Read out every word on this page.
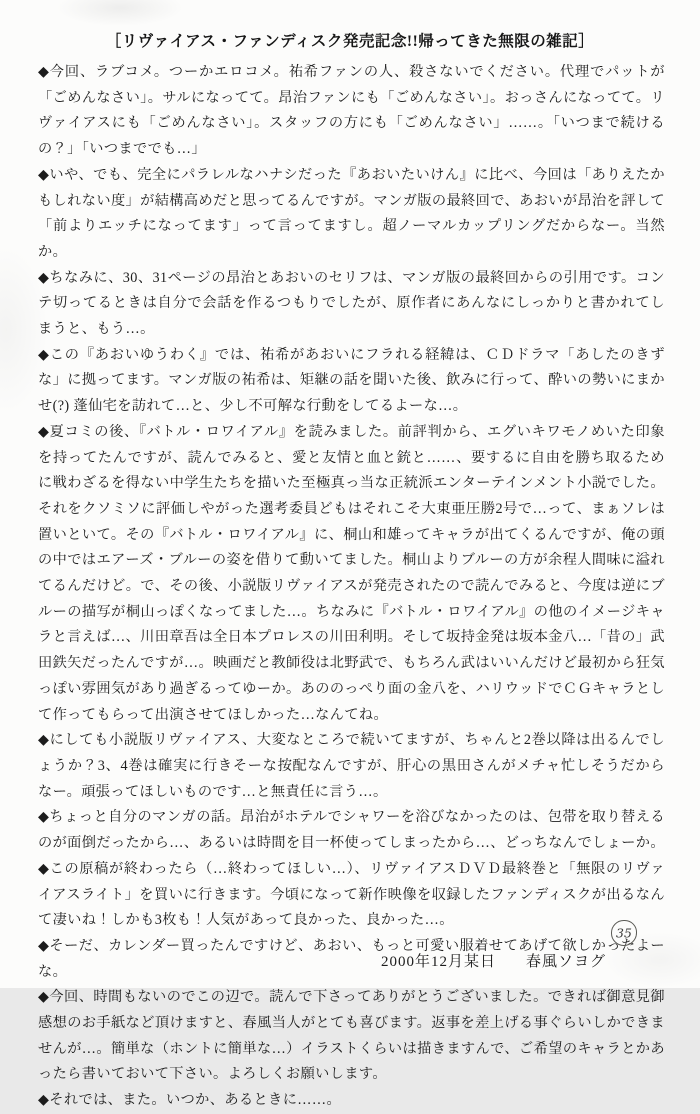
［リヴァイアス・ファンディスク発売記念!!帰ってきた無限の雑記］

◆今回、ラブコメ。つーかエロコメ。祐希ファンの人、殺さないでください。代理でパットが「ごめんなさい」。サルになってて。昂治ファンにも「ごめんなさい」。おっさんになってて。リヴァイアスにも「ごめんなさい」。スタッフの方にも「ごめんなさい」……。「いつまで続けるの？」「いつまででも…」

◆いや、でも、完全にパラレルなハナシだった『あおいたいけん』に比べ、今回は「ありえたかもしれない度」が結構高めだと思ってるんですが。マンガ版の最終回で、あおいが昂治を評して「前よりエッチになってます」って言ってますし。超ノーマルカップリングだからなー。当然か。

◆ちなみに、30、31ページの昂治とあおいのセリフは、マンガ版の最終回からの引用です。コンテ切ってるときは自分で会話を作るつもりでしたが、原作者にあんなにしっかりと書かれてしまうと、もう…。

◆この『あおいゆうわく』では、祐希があおいにフラれる経緯は、ＣＤドラマ「あしたのきずな」に拠ってます。マンガ版の祐希は、矩継の話を聞いた後、飲みに行って、酔いの勢いにまかせ(?) 蓬仙宅を訪れて…と、少し不可解な行動をしてるよーな…。

◆夏コミの後、『バトル・ロワイアル』を読みました。前評判から、エグいキワモノめいた印象を持ってたんですが、読んでみると、愛と友情と血と銃と……、要するに自由を勝ち取るために戦わざるを得ない中学生たちを描いた至極真っ当な正統派エンターテインメント小説でした。それをクソミソに評価しやがった選考委員どもはそれこそ大東亜圧勝2号で…って、まぁソレは置いといて。その『バトル・ロワイアル』に、桐山和雄ってキャラが出てくるんですが、俺の頭の中ではエアーズ・ブルーの姿を借りて動いてました。桐山よりブルーの方が余程人間味に溢れてるんだけど。で、その後、小説版リヴァイアスが発売されたので読んでみると、今度は逆にブルーの描写が桐山っぽくなってました…。ちなみに『バトル・ロワイアル』の他のイメージキャラと言えば…、川田章吾は全日本プロレスの川田利明。そして坂持金発は坂本金八…「昔の」武田鉄矢だったんですが…。映画だと教師役は北野武で、もちろん武はいいんだけど最初から狂気っぽい雰囲気があり過ぎるってゆーか。あののっぺり面の金八を、ハリウッドでＣＧキャラとして作ってもらって出演させてほしかった…なんてね。

◆にしても小説版リヴァイアス、大変なところで続いてますが、ちゃんと2巻以降は出るんでしょうか？3、4巻は確実に行きそーな按配なんですが、肝心の黒田さんがメチャ忙しそうだからなー。頑張ってほしいものです…と無責任に言う…。

◆ちょっと自分のマンガの話。昂治がホテルでシャワーを浴びなかったのは、包帯を取り替えるのが面倒だったから…、あるいは時間を目一杯使ってしまったから…、どっちなんでしょーか。

◆この原稿が終わったら（…終わってほしい…）、リヴァイアスＤＶＤ最終巻と「無限のリヴァイアスライト」を買いに行きます。今頃になって新作映像を収録したファンディスクが出るなんて凄いね！しかも3枚も！人気があって良かった、良かった…。

◆そーだ、カレンダー買ったんですけど、あおい、もっと可愛い服着せてあげて欲しかったよーな。

◆今回、時間もないのでこの辺で。読んで下さってありがとうございました。できれば御意見御感想のお手紙など頂けますと、春風当人がとても喜びます。返事を差上げる事ぐらいしかできませんが…。簡単な（ホントに簡単な…）イラストくらいは描きますんで、ご希望のキャラとかあったら書いておいて下さい。よろしくお願いします。

◆それでは、また。いつか、あるときに……。

35
2000年12月某日 春風ソヨグ
